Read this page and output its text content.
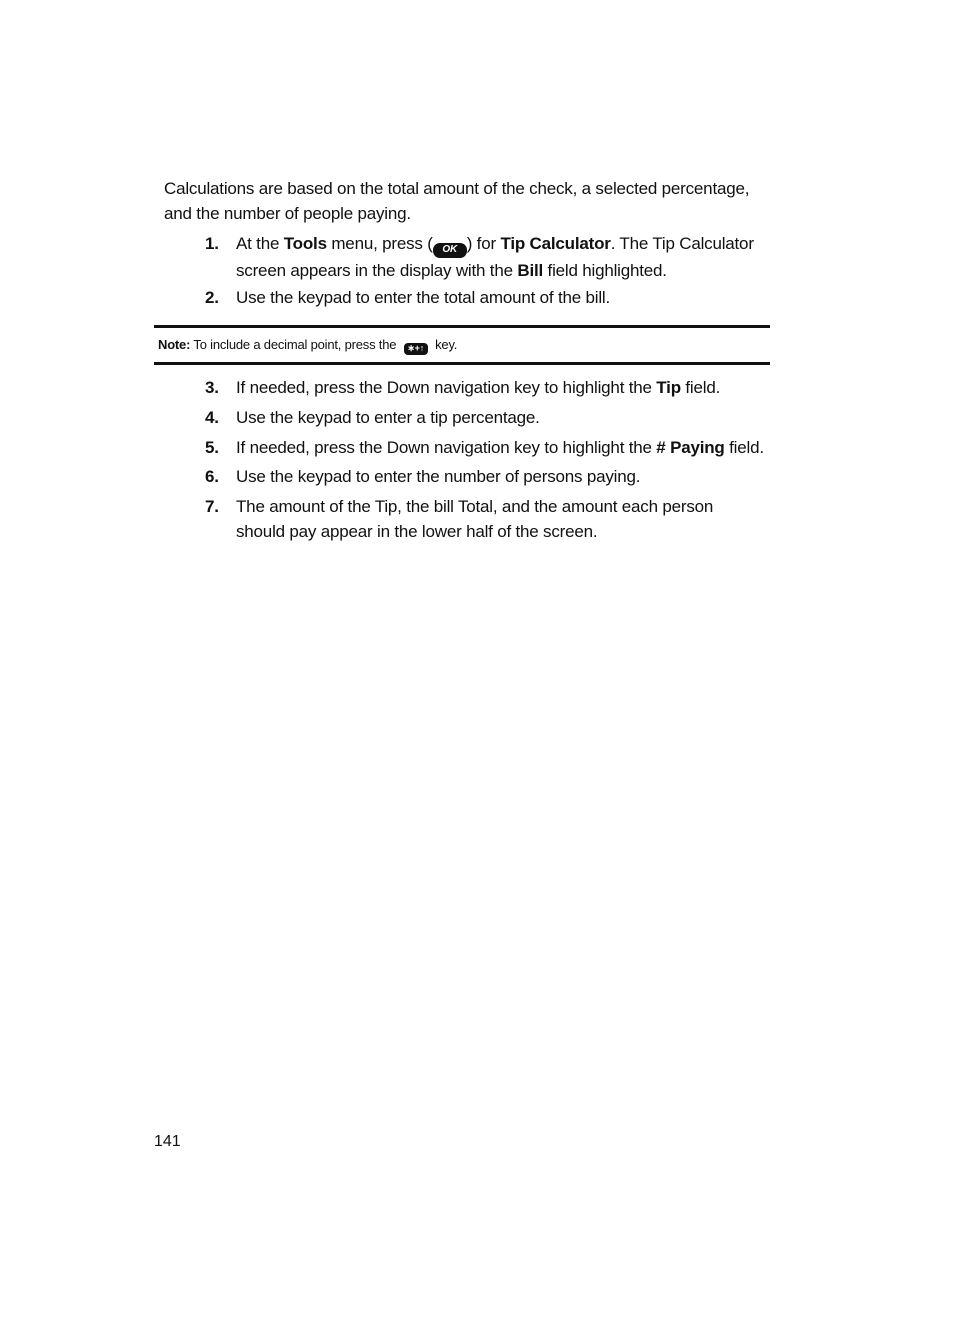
Calculations are based on the total amount of the check, a selected percentage, and the number of people paying.
1.	At the Tools menu, press ( OK ) for Tip Calculator. The Tip Calculator screen appears in the display with the Bill field highlighted.
2.	Use the keypad to enter the total amount of the bill.
Note: To include a decimal point, press the ∗+↑ key.
3.	If needed, press the Down navigation key to highlight the Tip field.
4.	Use the keypad to enter a tip percentage.
5.	If needed, press the Down navigation key to highlight the # Paying field.
6.	Use the keypad to enter the number of persons paying.
7.	The amount of the Tip, the bill Total, and the amount each person should pay appear in the lower half of the screen.
141
